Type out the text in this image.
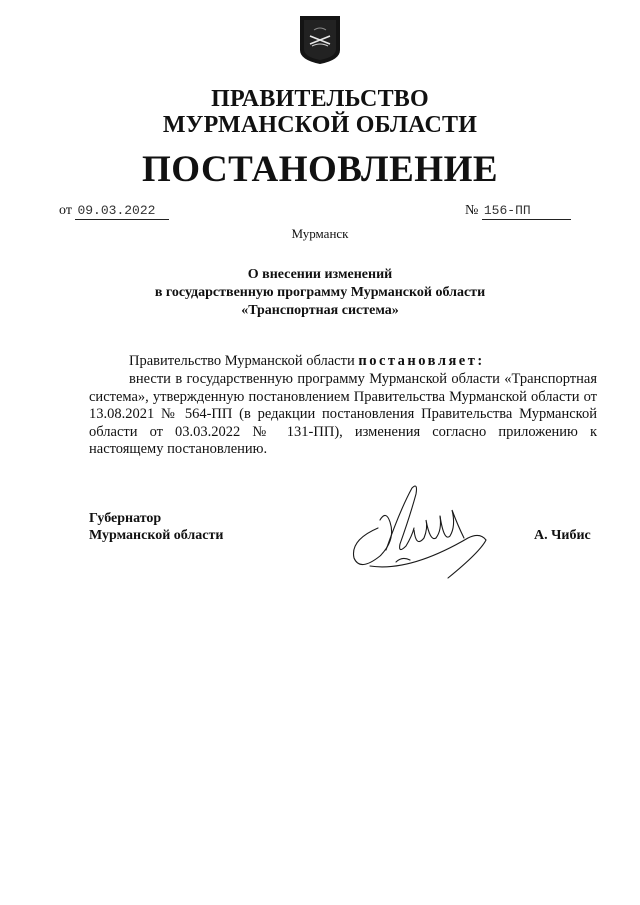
ПРАВИТЕЛЬСТВО
МУРМАНСКОЙ ОБЛАСТИ
ПОСТАНОВЛЕНИЕ
от 09.03.2022	№ 156-ПП
Мурманск
О внесении изменений
в государственную программу Мурманской области
«Транспортная система»
Правительство Мурманской области постановляет:
внести в государственную программу Мурманской области «Транспортная система», утвержденную постановлением Правительства Мурманской области от 13.08.2021 № 564-ПП (в редакции постановления Правительства Мурманской области от 03.03.2022 № 131-ПП), изменения согласно приложению к настоящему постановлению.
Губернатор
Мурманской области	А. Чибис
